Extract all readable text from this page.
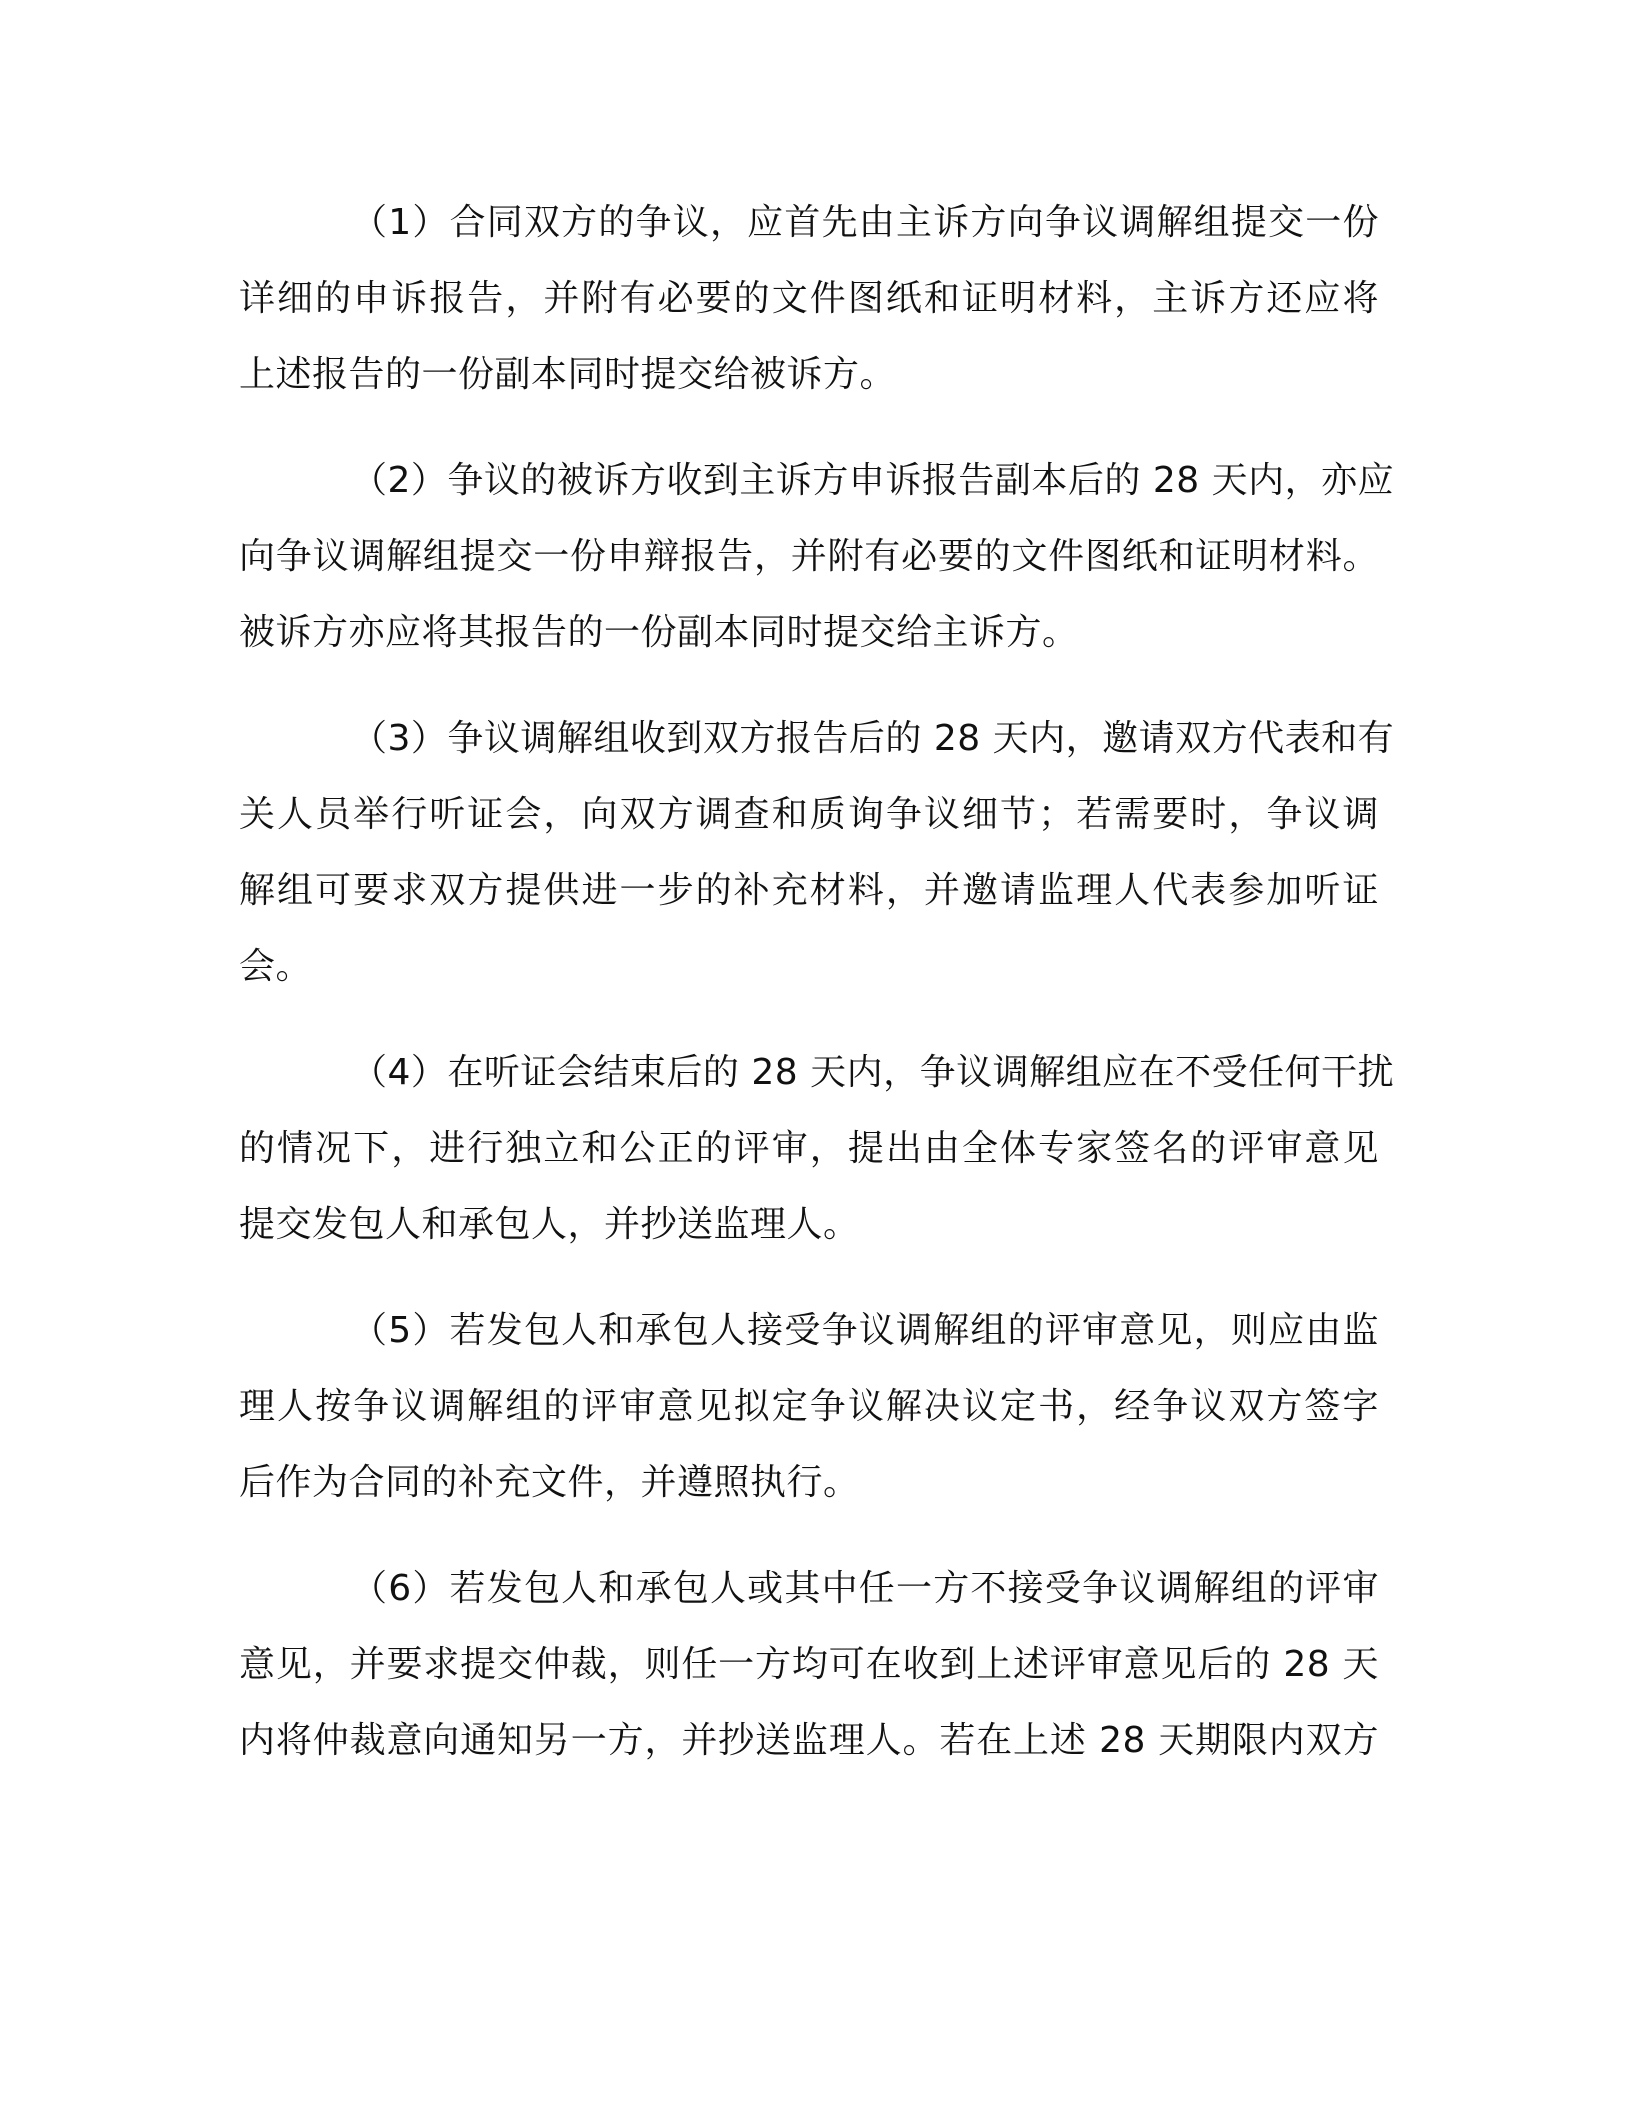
（1）合同双方的争议，应首先由主诉方向争议调解组提交一份
详细的申诉报告，并附有必要的文件图纸和证明材料，主诉方还应将
上述报告的一份副本同时提交给被诉方。

（2）争议的被诉方收到主诉方申诉报告副本后的 28 天内，亦应
向争议调解组提交一份申辩报告，并附有必要的文件图纸和证明材料。
被诉方亦应将其报告的一份副本同时提交给主诉方。

（3）争议调解组收到双方报告后的 28 天内，邀请双方代表和有
关人员举行听证会，向双方调查和质询争议细节；若需要时，争议调
解组可要求双方提供进一步的补充材料，并邀请监理人代表参加听证
会。

（4）在听证会结束后的 28 天内，争议调解组应在不受任何干扰
的情况下，进行独立和公正的评审，提出由全体专家签名的评审意见
提交发包人和承包人，并抄送监理人。

（5）若发包人和承包人接受争议调解组的评审意见，则应由监
理人按争议调解组的评审意见拟定争议解决议定书，经争议双方签字
后作为合同的补充文件，并遵照执行。

（6）若发包人和承包人或其中任一方不接受争议调解组的评审
意见，并要求提交仲裁，则任一方均可在收到上述评审意见后的 28 天
内将仲裁意向通知另一方，并抄送监理人。若在上述 28 天期限内双方
